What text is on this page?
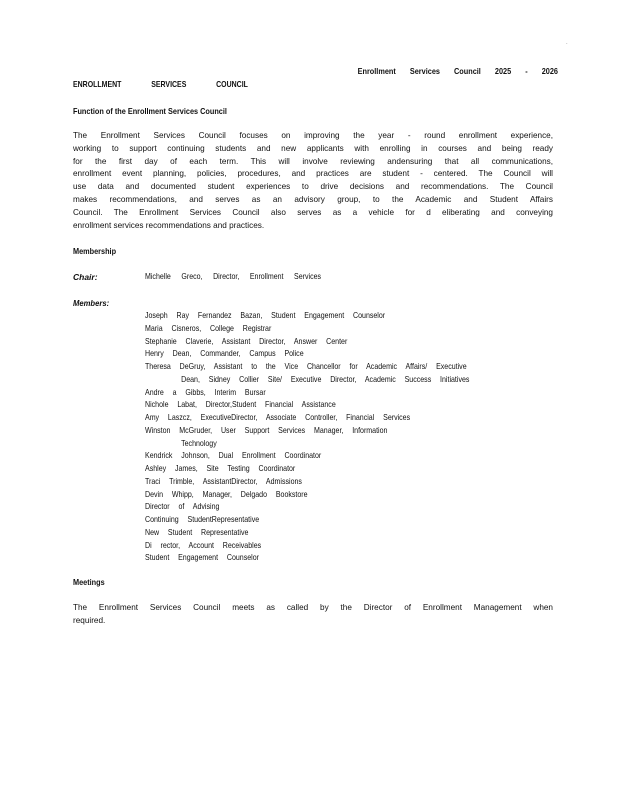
.
Enrollment Services Council 2025 - 2026
ENROLLMENT SERVICES COUNCIL
Function of the Enrollment Services Council
The Enrollment Services Council focuses on improving the year - round enrollment experience,
working to support continuing students and new applicants with enrolling in courses and being ready
for the first day of each term. This will involve reviewing andensuring that all communications,
enrollment event planning, policies, procedures, and practices are student - centered. The Council will
use data and documented student experiences to drive decisions and recommendations. The Council
makes recommendations, and serves as an advisory group, to the Academic and Student Affairs
Council. The Enrollment Services Council also serves as a vehicle for d eliberating and conveying
enrollment services recommendations and practices.
Membership
Chair:	Michelle Greco, Director, Enrollment Services
Members:
Joseph Ray Fernandez Bazan, Student Engagement Counselor
Maria Cisneros, College Registrar
Stephanie Claverie, Assistant Director, Answer Center
Henry Dean, Commander, Campus Police
Theresa DeGruy, Assistant to the Vice Chancellor for Academic Affairs/ Executive
Dean, Sidney Collier Site/ Executive Director, Academic Success Initiatives
Andre a Gibbs, Interim Bursar
Nichole Labat, Director,Student Financial Assistance
Amy Laszcz, ExecutiveDirector, Associate Controller, Financial Services
Winston McGruder, User Support Services Manager, Information
Technology
Kendrick Johnson, Dual Enrollment Coordinator
Ashley James, Site Testing Coordinator
Traci Trimble, AssistantDirector, Admissions
Devin Whipp, Manager, Delgado Bookstore
Director of Advising
Continuing StudentRepresentative
New Student Representative
Di rector, Account Receivables
Student Engagement Counselor
Meetings
The Enrollment Services Council meets as called by the Director of Enrollment Management when
required.
